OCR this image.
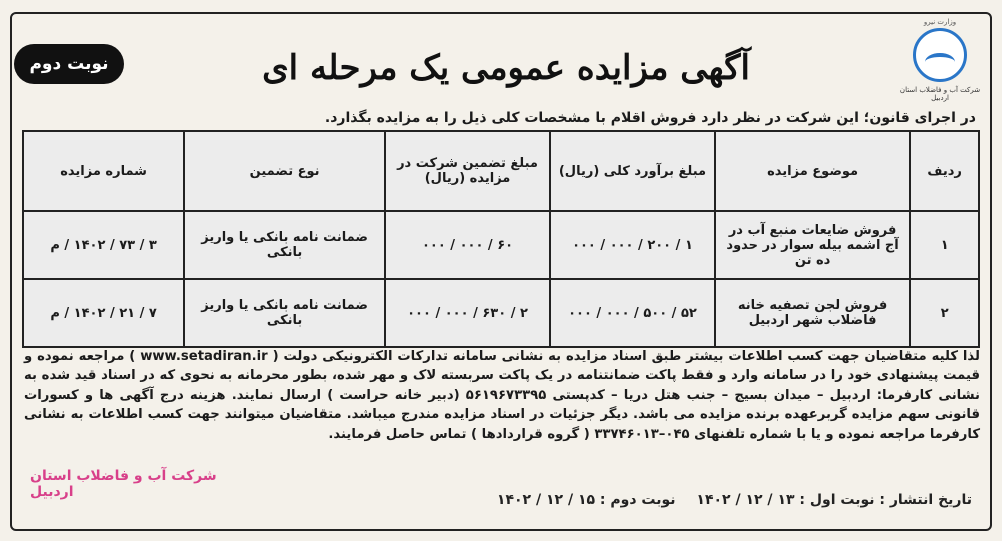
وزارت نیرو
شرکت آب و فاضلاب استان اردبیل
نوبت دوم	آگهی مزایده عمومی یک مرحله ای
در اجرای قانون؛ این شرکت در نظر دارد فروش اقلام با مشخصات کلی ذیل را به مزایده بگذارد.
ردیف	موضوع مزایده	مبلغ برآورد کلی (ریال)	مبلغ تضمین شرکت در مزایده (ریال)	نوع تضمین	شماره مزایده
۱	فروش ضایعات منبع آب در آج اشمه بیله سوار در حدود ده تن	۱ / ۲۰۰ / ۰۰۰ / ۰۰۰	۶۰ / ۰۰۰ / ۰۰۰	ضمانت نامه بانکی یا واریز بانکی	۳ / ۷۳ / ۱۴۰۲ / م
۲	فروش لجن تصفیه خانه فاضلاب شهر اردبیل	۵۲ / ۵۰۰ / ۰۰۰ / ۰۰۰	۲ / ۶۳۰ / ۰۰۰ / ۰۰۰	ضمانت نامه بانکی یا واریز بانکی	۷ / ۲۱ / ۱۴۰۲ / م
لذا کلیه متقاضیان جهت کسب اطلاعات بیشتر طبق اسناد مزایده به نشانی سامانه تدارکات الکترونیکی دولت ( www.setadiran.ir ) مراجعه نموده و قیمت پیشنهادی خود را در سامانه وارد و فقط پاکت ضمانتنامه در یک پاکت سربسته لاک و مهر شده، بطور محرمانه به نحوی که در اسناد قید شده به نشانی کارفرما: اردبیل – میدان بسیج – جنب هتل دریا – کدپستی ۵۶۱۹۶۷۳۳۹۵ (دبیر خانه حراست ) ارسال نمایند. هزینه درج آگهی ها و کسورات قانونی سهم مزایده گربرعهده برنده مزایده می باشد. دیگر جزئیات در اسناد مزایده مندرج میباشد. متقاضیان میتوانند جهت کسب اطلاعات به نشانی کارفرما مراجعه نموده و یا با شماره تلفنهای ۰۴۵–۳۳۷۴۶۰۱۳ ( گروه قراردادها ) تماس حاصل فرمایند.
شرکت آب و فاضلاب استان اردبیل	تاریخ انتشار : نوبت اول : ۱۳ / ۱۲ / ۱۴۰۲ نوبت دوم : ۱۵ / ۱۲ / ۱۴۰۲
